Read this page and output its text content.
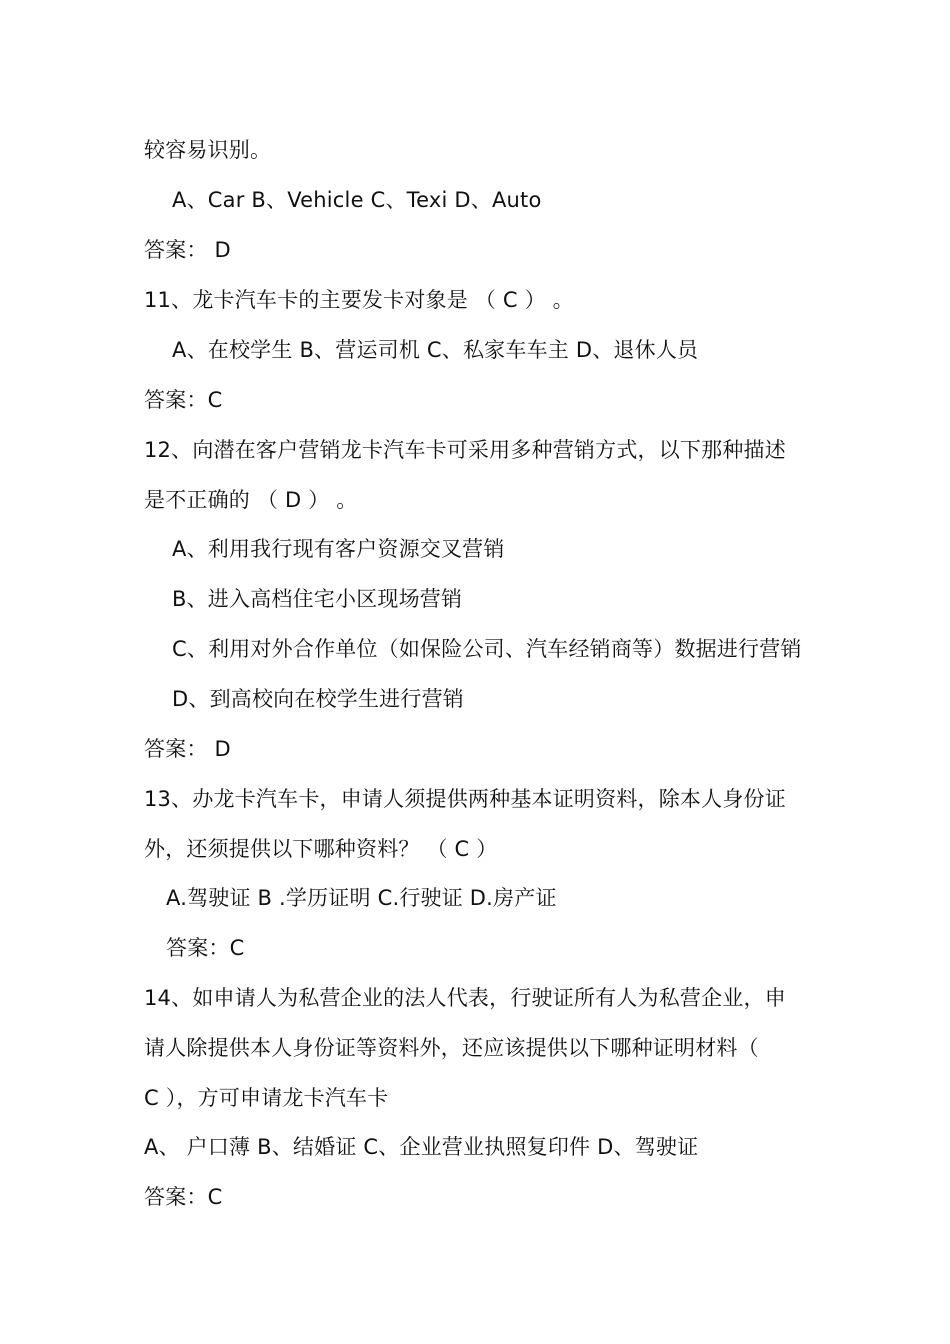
较容易识别。
A、Car B、Vehicle C、Texi D、Auto
答案： D
11、龙卡汽车卡的主要发卡对象是 （ C ） 。
A、在校学生 B、营运司机 C、私家车车主 D、退休人员
答案：C
12、向潜在客户营销龙卡汽车卡可采用多种营销方式，以下那种描述
是不正确的 （ D ） 。
A、利用我行现有客户资源交叉营销
B、进入高档住宅小区现场营销
C、利用对外合作单位（如保险公司、汽车经销商等）数据进行营销
D、到高校向在校学生进行营销
答案： D
13、办龙卡汽车卡，申请人须提供两种基本证明资料，除本人身份证
外，还须提供以下哪种资料？ （ C ）
A.驾驶证 B .学历证明 C.行驶证 D.房产证
答案：C
14、如申请人为私营企业的法人代表，行驶证所有人为私营企业，申
请人除提供本人身份证等资料外，还应该提供以下哪种证明材料（
C ），方可申请龙卡汽车卡
A、 户口薄 B、结婚证 C、企业营业执照复印件 D、驾驶证
答案：C
